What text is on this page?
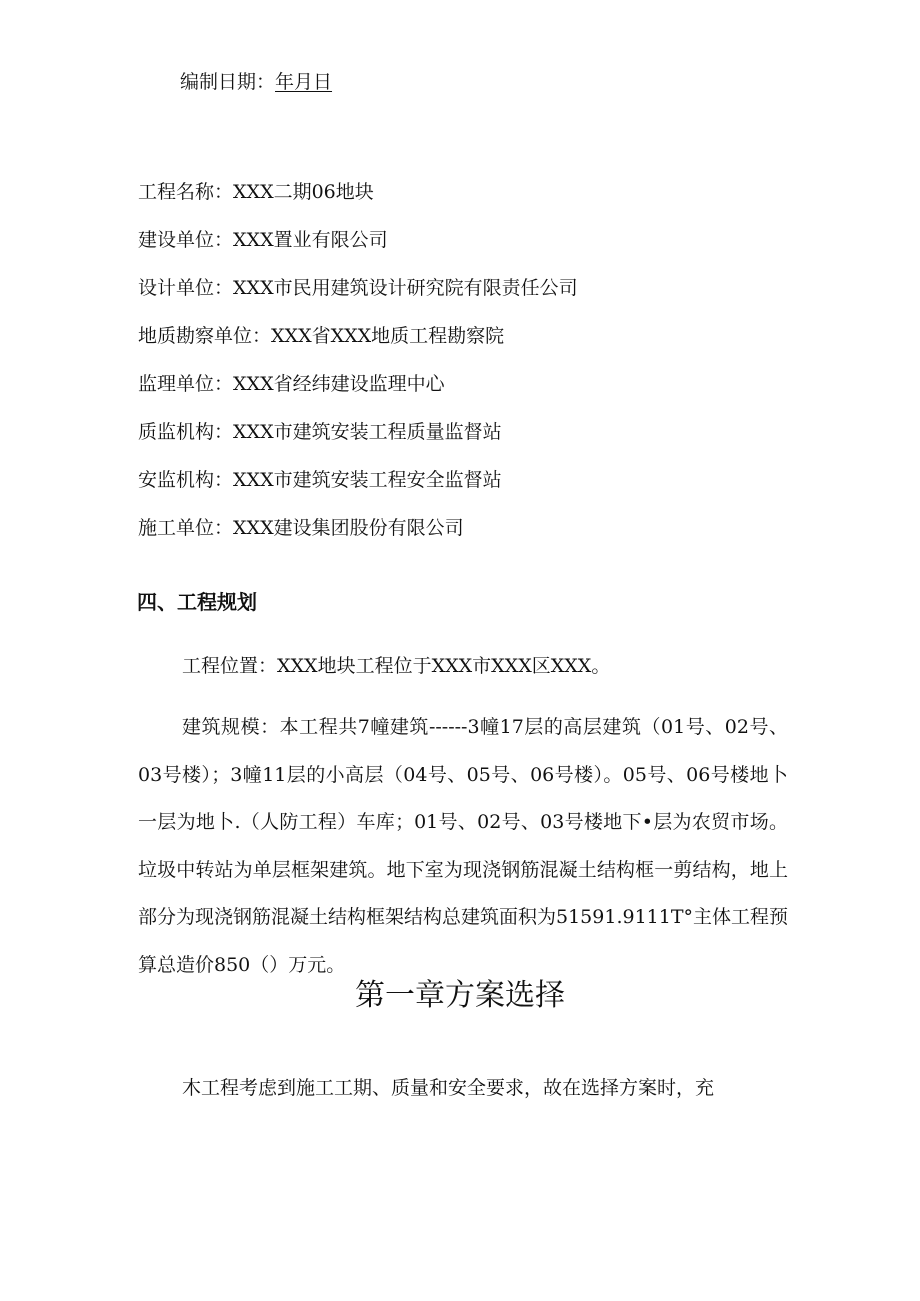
编制日期：年月日
工程名称：XXX二期06地块
建设单位：XXX置业有限公司
设计单位：XXX市民用建筑设计研究院有限责任公司
地质勘察单位：XXX省XXX地质工程勘察院
监理单位：XXX省经纬建设监理中心
质监机构：XXX市建筑安装工程质量监督站
安监机构：XXX市建筑安装工程安全监督站
施工单位：XXX建设集团股份有限公司
四、工程规划
工程位置：XXX地块工程位于XXX市XXX区XXX。
建筑规模：本工程共7幢建筑------3幢17层的高层建筑（01号、02号、03号楼）；3幢11层的小高层（04号、05号、06号楼）。05号、06号楼地卜一层为地卜.（人防工程）车库；01号、02号、03号楼地下•层为农贸市场。垃圾中转站为单层框架建筑。地下室为现浇钢筋混凝土结构框一剪结构，地上部分为现浇钢筋混凝土结构框架结构总建筑面积为51591.9111T°主体工程预算总造价850（）万元。
第一章方案选择
木工程考虑到施工工期、质量和安全要求，故在选择方案时，充
